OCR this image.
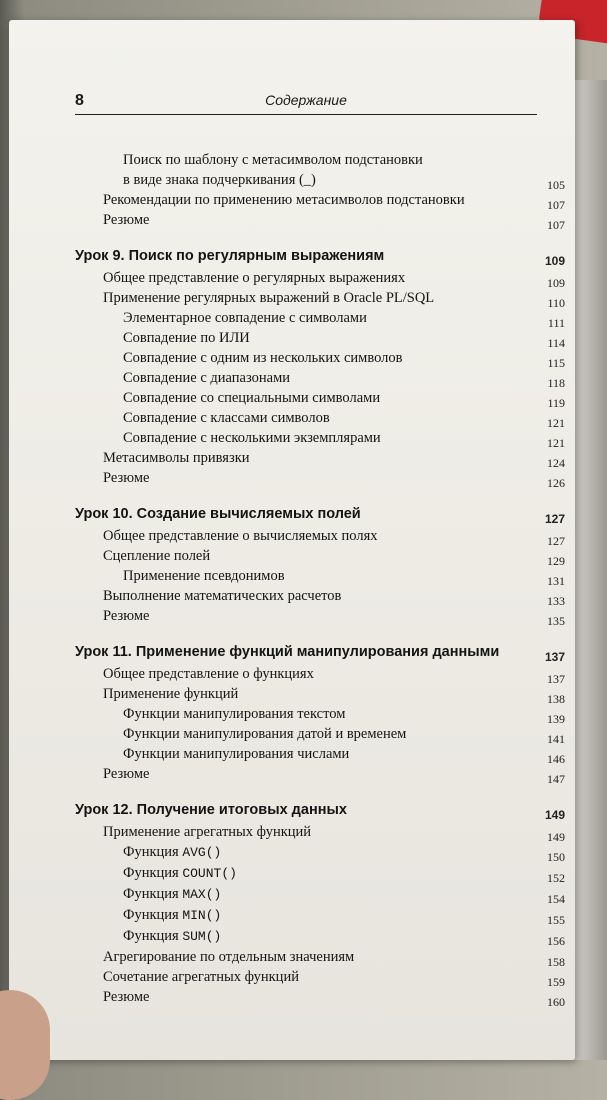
8	Содержание
Поиск по шаблону с метасимволом подстановки
в виде знака подчеркивания (_)	105
Рекомендации по применению метасимволов подстановки	107
Резюме	107
Урок 9. Поиск по регулярным выражениям	109
Общее представление о регулярных выражениях	109
Применение регулярных выражений в Oracle PL/SQL	110
Элементарное совпадение с символами	111
Совпадение по ИЛИ	114
Совпадение с одним из нескольких символов	115
Совпадение с диапазонами	118
Совпадение со специальными символами	119
Совпадение с классами символов	121
Совпадение с несколькими экземплярами	121
Метасимволы привязки	124
Резюме	126
Урок 10. Создание вычисляемых полей	127
Общее представление о вычисляемых полях	127
Сцепление полей	129
Применение псевдонимов	131
Выполнение математических расчетов	133
Резюме	135
Урок 11. Применение функций манипулирования данными	137
Общее представление о функциях	137
Применение функций	138
Функции манипулирования текстом	139
Функции манипулирования датой и временем	141
Функции манипулирования числами	146
Резюме	147
Урок 12. Получение итоговых данных	149
Применение агрегатных функций	149
Функция AVG()	150
Функция COUNT()	152
Функция MAX()	154
Функция MIN()	155
Функция SUM()	156
Агрегирование по отдельным значениям	158
Сочетание агрегатных функций	159
Резюме	160
